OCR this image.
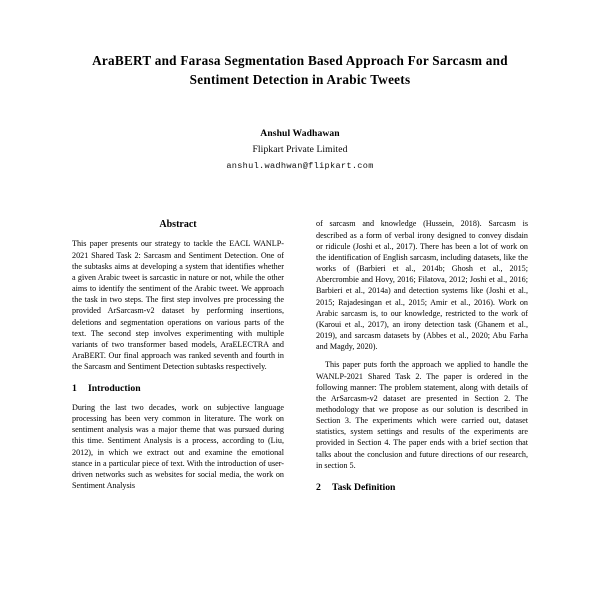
AraBERT and Farasa Segmentation Based Approach For Sarcasm and Sentiment Detection in Arabic Tweets
Anshul Wadhawan
Flipkart Private Limited
anshul.wadhwan@flipkart.com
Abstract

This paper presents our strategy to tackle the EACL WANLP-2021 Shared Task 2: Sarcasm and Sentiment Detection. One of the subtasks aims at developing a system that identifies whether a given Arabic tweet is sarcastic in nature or not, while the other aims to identify the sentiment of the Arabic tweet. We approach the task in two steps. The first step involves pre processing the provided ArSarcasm-v2 dataset by performing insertions, deletions and segmentation operations on various parts of the text. The second step involves experimenting with multiple variants of two transformer based models, AraELECTRA and AraBERT. Our final approach was ranked seventh and fourth in the Sarcasm and Sentiment Detection subtasks respectively.

1	Introduction

During the last two decades, work on subjective language processing has been very common in literature. The work on sentiment analysis was a major theme that was pursued during this time. Sentiment Analysis is a process, according to (Liu, 2012), in which we extract out and examine the emotional stance in a particular piece of text. With the introduction of user-driven networks such as websites for social media, the work on Sentiment Analysis

of sarcasm and knowledge (Hussein, 2018). Sarcasm is described as a form of verbal irony designed to convey disdain or ridicule (Joshi et al., 2017). There has been a lot of work on the identification of English sarcasm, including datasets, like the works of (Barbieri et al., 2014b; Ghosh et al., 2015; Abercrombie and Hovy, 2016; Filatova, 2012; Joshi et al., 2016; Barbieri et al., 2014a) and detection systems like (Joshi et al., 2015; Rajadesingan et al., 2015; Amir et al., 2016). Work on Arabic sarcasm is, to our knowledge, restricted to the work of (Karoui et al., 2017), an irony detection task (Ghanem et al., 2019), and sarcasm datasets by (Abbes et al., 2020; Abu Farha and Magdy, 2020).

This paper puts forth the approach we applied to handle the WANLP-2021 Shared Task 2. The paper is ordered in the following manner: The problem statement, along with details of the ArSarcasm-v2 dataset are presented in Section 2. The methodology that we propose as our solution is described in Section 3. The experiments which were carried out, dataset statistics, system settings and results of the experiments are provided in Section 4. The paper ends with a brief section that talks about the conclusion and future directions of our research, in section 5.

2	Task Definition
